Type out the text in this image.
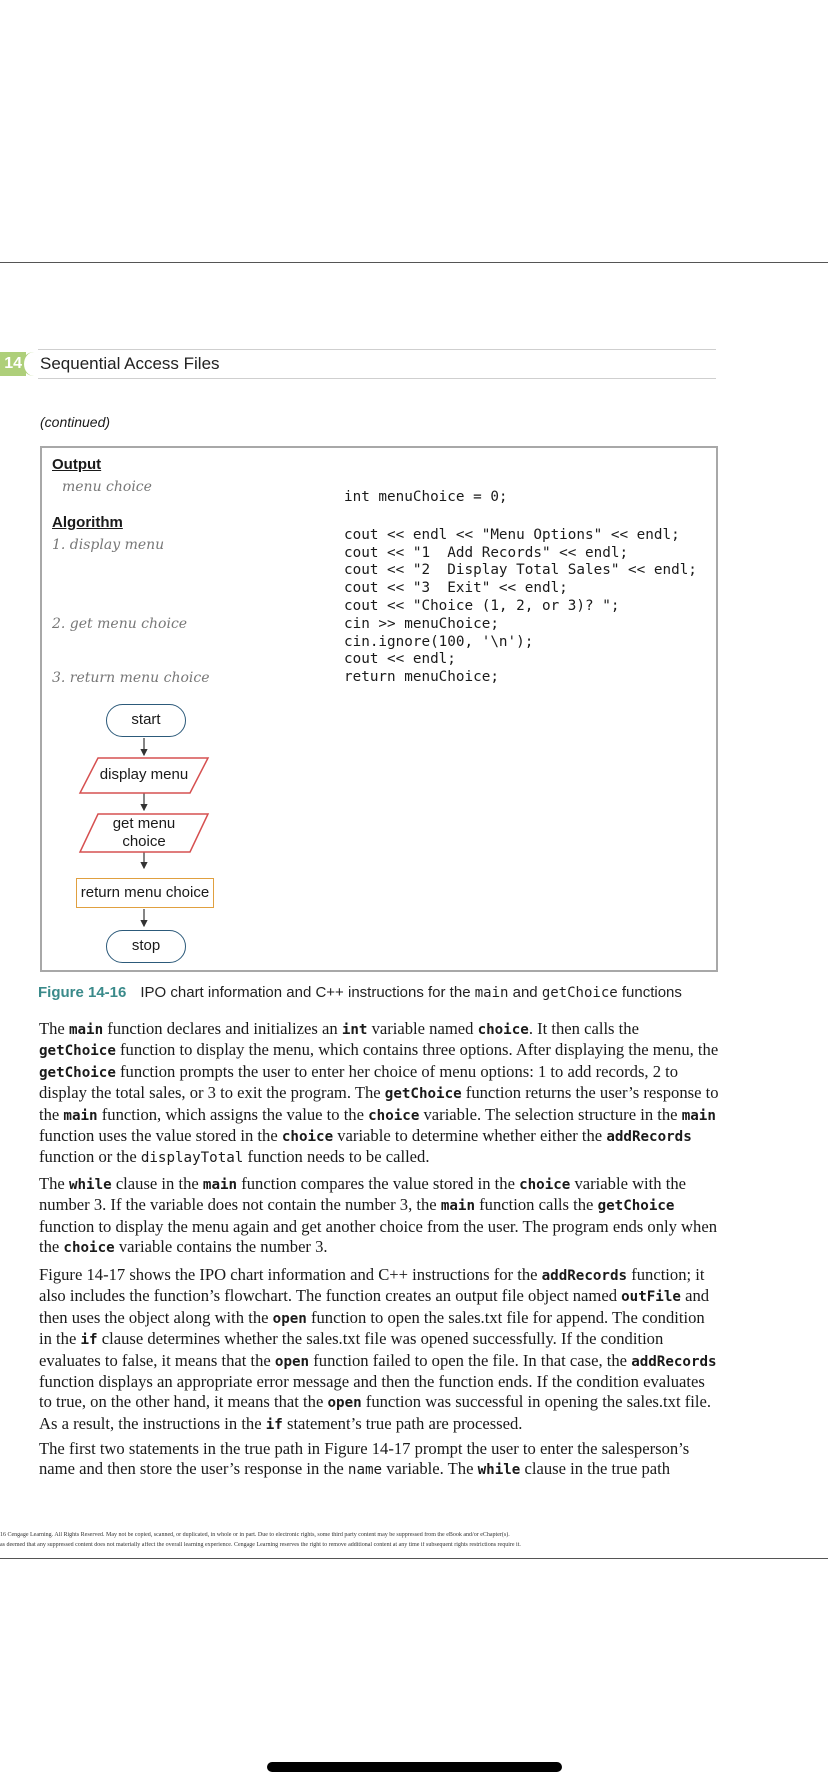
14 Sequential Access Files
(continued)
Output
menu choice
Algorithm
1. display menu
2. get menu choice
3. return menu choice
int menuChoice = 0;
cout << endl << "Menu Options" << endl;
cout << "1  Add Records" << endl;
cout << "2  Display Total Sales" << endl;
cout << "3  Exit" << endl;
cout << "Choice (1, 2, or 3)? ";
cin >> menuChoice;
cin.ignore(100, '\n');
cout << endl;
return menuChoice;
start
display menu
get menu
choice
return menu choice
stop
Figure 14-16 IPO chart information and C++ instructions for the main and getChoice functions
The main function declares and initializes an int variable named choice. It then calls the getChoice function to display the menu, which contains three options. After displaying the menu, the getChoice function prompts the user to enter her choice of menu options: 1 to add records, 2 to display the total sales, or 3 to exit the program. The getChoice function returns the user’s response to the main function, which assigns the value to the choice variable. The selection structure in the main function uses the value stored in the choice variable to determine whether either the addRecords function or the displayTotal function needs to be called.
The while clause in the main function compares the value stored in the choice variable with the number 3. If the variable does not contain the number 3, the main function calls the getChoice function to display the menu again and get another choice from the user. The program ends only when the choice variable contains the number 3.
Figure 14-17 shows the IPO chart information and C++ instructions for the addRecords function; it also includes the function’s flowchart. The function creates an output file object named outFile and then uses the object along with the open function to open the sales.txt file for append. The condition in the if clause determines whether the sales.txt file was opened successfully. If the condition evaluates to false, it means that the open function failed to open the file. In that case, the addRecords function displays an appropriate error message and then the function ends. If the condition evaluates to true, on the other hand, it means that the open function was successful in opening the sales.txt file. As a result, the instructions in the if statement’s true path are processed.
The first two statements in the true path in Figure 14-17 prompt the user to enter the salesperson’s name and then store the user’s response in the name variable. The while clause in the true path
16 Cengage Learning. All Rights Reserved. May not be copied, scanned, or duplicated, in whole or in part. Due to electronic rights, some third party content may be suppressed from the eBook and/or eChapter(s).
as deemed that any suppressed content does not materially affect the overall learning experience. Cengage Learning reserves the right to remove additional content at any time if subsequent rights restrictions require it.
